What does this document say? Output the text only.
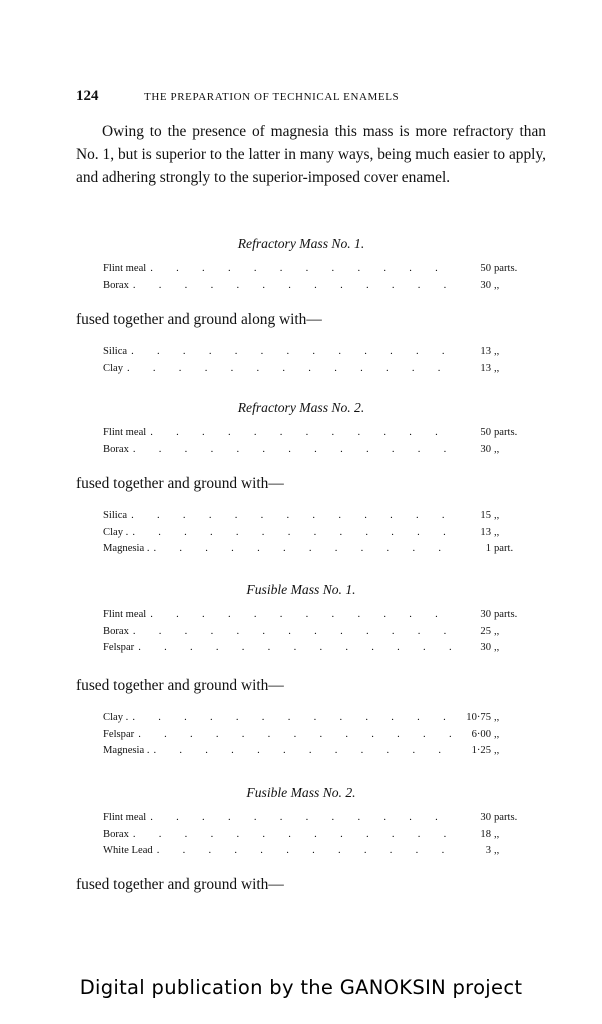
124	THE PREPARATION OF TECHNICAL ENAMELS

Owing to the presence of magnesia this mass is more refractory than No. 1, but is superior to the latter in many ways, being much easier to apply, and adhering strongly to the superior-imposed cover enamel.

Refractory Mass No. 1.
Flint meal . . .	50 parts.
Borax . . .	30 ,,
fused together and ground along with—
Silica . . .	13 ,,
Clay . . .	13 ,,
Refractory Mass No. 2.
Flint meal . . .	50 parts.
Borax . . .	30 ,,
fused together and ground with—
Silica . . .	15 ,,
Clay . . . .	13 ,,
Magnesia . . . .	1 part.
Fusible Mass No. 1.
Flint meal . . .	30 parts.
Borax . . .	25 ,,
Felspar . . .	30 ,,
fused together and ground with—
Clay . . . .	10·75 ,,
Felspar . . .	6·00 ,,
Magnesia . . . .	1·25 ,,
Fusible Mass No. 2.
Flint meal . . .	30 parts.
Borax . . .	18 ,,
White Lead . . .	3 ,,
fused together and ground with—
Digital publication by the GANOKSIN project
